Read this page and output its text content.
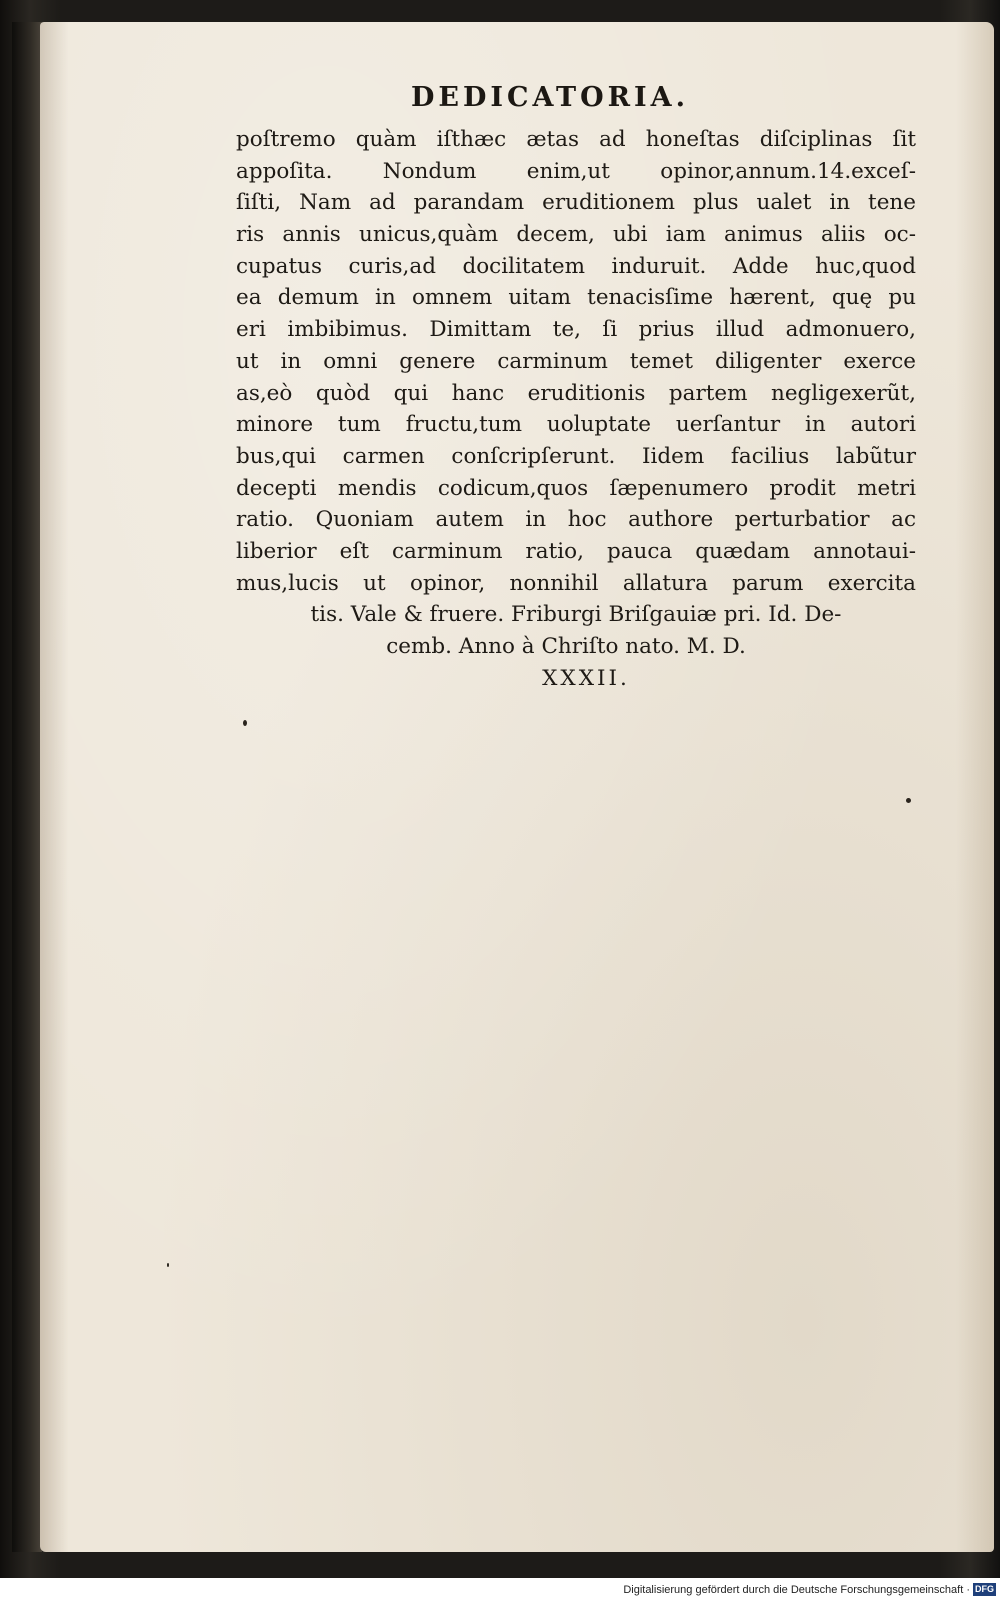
DEDICATORIA.
poſtremo quàm iſthæc ætas ad honeſtas diſciplinas ſit
appoſita. Nondum enim,ut opinor,annum.14.exceſ-
ſiſti, Nam ad parandam eruditionem plus ualet in tene
ris annis unicus,quàm decem, ubi iam animus aliis oc-
cupatus curis,ad docilitatem induruit. Adde huc,quod
ea demum in omnem uitam tenacisſime hærent, quę pu
eri imbibimus. Dimittam te, ſi prius illud admonuero,
ut in omni genere carminum temet diligenter exerce
as,eò quòd qui hanc eruditionis partem negligexerũt,
minore tum fructu,tum uoluptate uerſantur in autori
bus,qui carmen conſcripſerunt. Iidem facilius labũtur
decepti mendis codicum,quos ſæpenumero prodit metri
ratio. Quoniam autem in hoc authore perturbatior ac
liberior eſt carminum ratio, pauca quædam annotaui-
mus,lucis ut opinor, nonnihil allatura parum exercita
tis. Vale & fruere. Friburgi Briſgauiæ pri. Id. De-
cemb. Anno à Chriſto nato. M. D.
XXXII.
Digitalisierung gefördert durch die Deutsche Forschungsgemeinschaft · DFG
